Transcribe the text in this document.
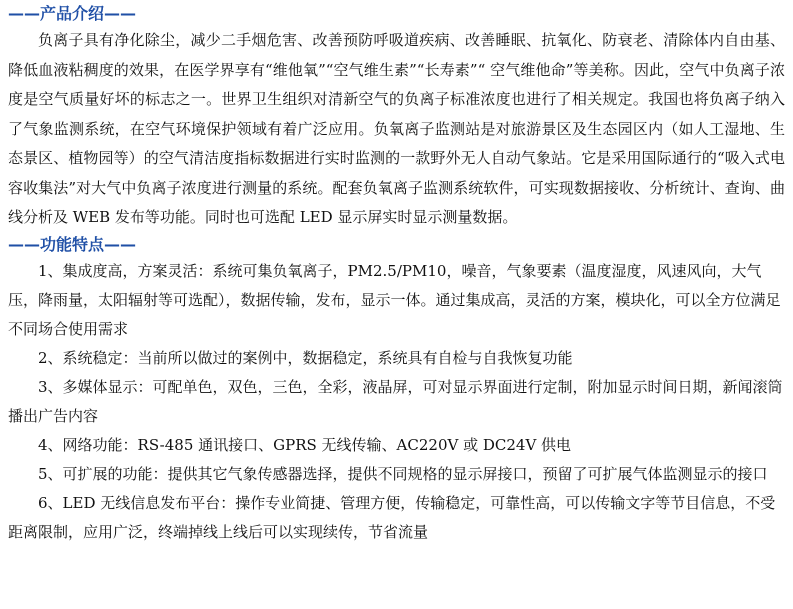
——产品介绍——

负离子具有净化除尘，减少二手烟危害、改善预防呼吸道疾病、改善睡眠、抗氧化、防衰老、清除体内自由基、降低血液粘稠度的效果，在医学界享有“维他氧”“空气维生素”“长寿素”“ 空气维他命”等美称。因此，空气中负离子浓度是空气质量好坏的标志之一。世界卫生组织对清新空气的负离子标准浓度也进行了相关规定。我国也将负离子纳入了气象监测系统，在空气环境保护领域有着广泛应用。负氧离子监测站是对旅游景区及生态园区内（如人工湿地、生态景区、植物园等）的空气清洁度指标数据进行实时监测的一款野外无人自动气象站。它是采用国际通行的“吸入式电容收集法”对大气中负离子浓度进行测量的系统。配套负氧离子监测系统软件，可实现数据接收、分析统计、查询、曲线分析及 WEB 发布等功能。同时也可选配 LED 显示屏实时显示测量数据。

——功能特点——

1、集成度高，方案灵活：系统可集负氧离子，PM2.5/PM10，噪音，气象要素（温度湿度，风速风向，大气压，降雨量，太阳辐射等可选配），数据传输，发布，显示一体。通过集成高，灵活的方案，模块化，可以全方位满足不同场合使用需求

2、系统稳定：当前所以做过的案例中，数据稳定，系统具有自检与自我恢复功能

3、多媒体显示：可配单色，双色，三色，全彩，液晶屏，可对显示界面进行定制，附加显示时间日期，新闻滚筒播出广告内容

4、网络功能：RS-485 通讯接口、GPRS 无线传输、AC220V 或 DC24V 供电

5、可扩展的功能：提供其它气象传感器选择，提供不同规格的显示屏接口，预留了可扩展气体监测显示的接口

6、LED 无线信息发布平台：操作专业简捷、管理方便，传输稳定，可靠性高，可以传输文字等节目信息，不受距离限制，应用广泛，终端掉线上线后可以实现续传，节省流量
